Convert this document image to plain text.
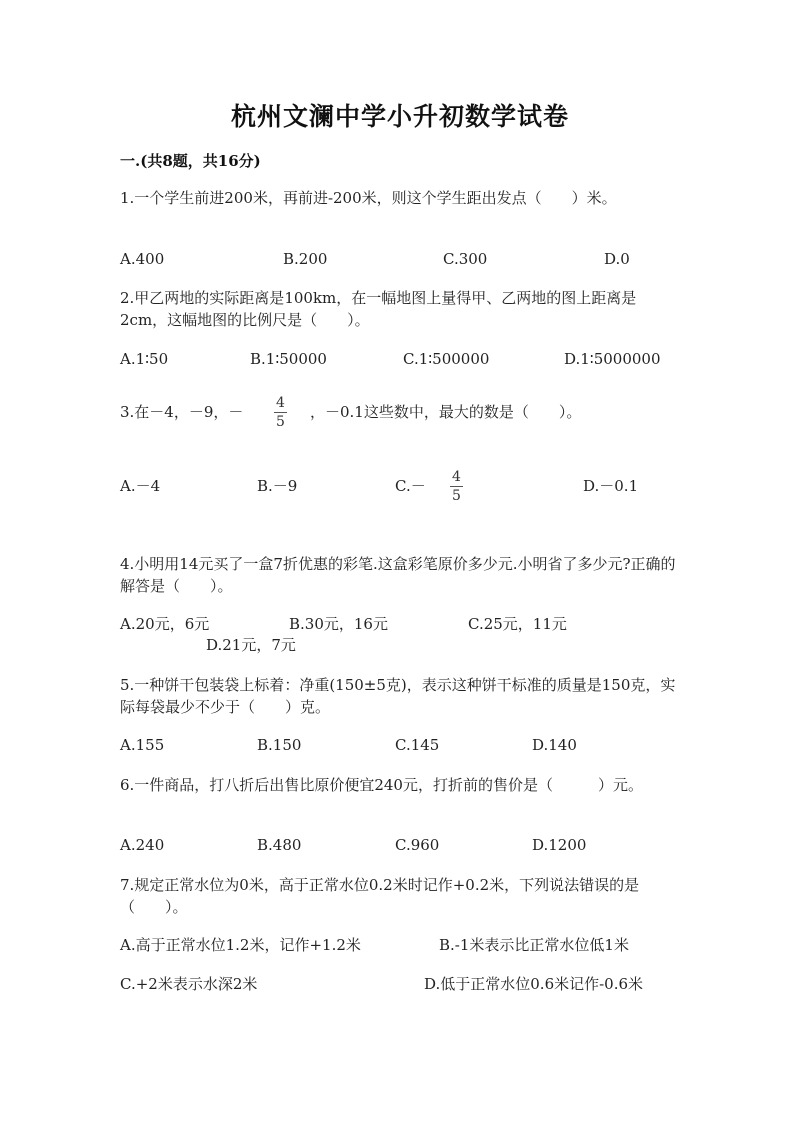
杭州文澜中学小升初数学试卷
一.(共8题，共16分)
1.一个学生前进200米，再前进-200米，则这个学生距出发点（　　）米。
A.400	B.200	C.300	D.0
2.甲乙两地的实际距离是100km，在一幅地图上量得甲、乙两地的图上距离是2cm，这幅地图的比例尺是（　　）。
A.1∶50	B.1∶50000	C.1∶500000	D.1∶5000000
3.在－4，－9，－ 4
5
，－0.1这些数中，最大的数是（　　）。
A.－4	B.－9	C.－ 4
5
D.－0.1
4.小明用14元买了一盒7折优惠的彩笔.这盒彩笔原价多少元.小明省了多少元?正确的解答是（　　）。
A.20元，6元	B.30元，16元	C.25元，11元
D.21元，7元
5.一种饼干包装袋上标着：净重(150±5克)，表示这种饼干标准的质量是150克，实际每袋最少不少于（　　）克。
A.155	B.150	C.145	D.140
6.一件商品，打八折后出售比原价便宜240元，打折前的售价是（　　　）元。
A.240	B.480	C.960	D.1200
7.规定正常水位为0米，高于正常水位0.2米时记作+0.2米，下列说法错误的是（　　）。
A.高于正常水位1.2米，记作+1.2米	B.-1米表示比正常水位低1米
C.+2米表示水深2米	D.低于正常水位0.6米记作-0.6米
